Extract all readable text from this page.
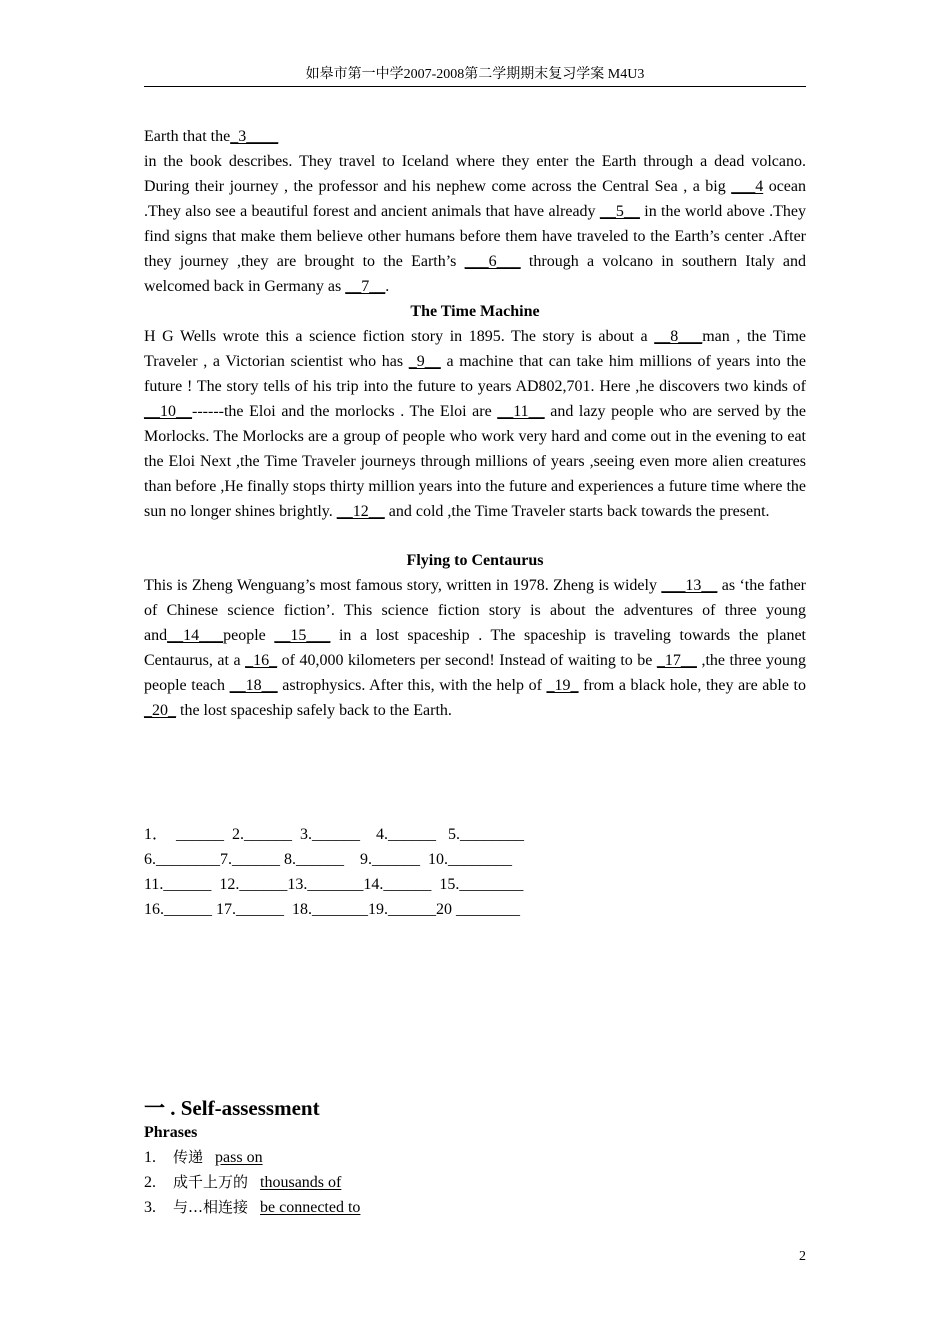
如皋市第一中学2007-2008第二学期期末复习学案 M4U3
Earth that the_3____
in the book describes. They travel to Iceland where they enter the Earth through a dead volcano. During their journey , the professor and his nephew come across the Central Sea , a big ___4 ocean .They also see a beautiful forest and ancient animals that have already __5__ in the world above .They find signs that make them believe other humans before them have traveled to the Earth’s center .After they journey ,they are brought to the Earth’s ___6___ through a volcano in southern Italy and welcomed back in Germany as __7__.
The Time Machine
H G Wells wrote this a science fiction story in 1895. The story is about a __8___man , the Time Traveler , a Victorian scientist who has _9__ a machine that can take him millions of years into the future ! The story tells of his trip into the future to years AD802,701. Here ,he discovers two kinds of __10__------the Eloi and the morlocks . The Eloi are __11__ and lazy people who are served by the Morlocks. The Morlocks are a group of people who work very hard and come out in the evening to eat the Eloi Next ,the Time Traveler journeys through millions of years ,seeing even more alien creatures than before ,He finally stops thirty million years into the future and experiences a future time where the sun no longer shines brightly. __12__ and cold ,the Time Traveler starts back towards the present.
Flying to Centaurus
This is Zheng Wenguang’s most famous story, written in 1978. Zheng is widely ___13__ as ‘the father of Chinese science fiction’. This science fiction story is about the adventures of three young and__14___people __15___ in a lost spaceship . The spaceship is traveling towards the planet Centaurus, at a _16_ of 40,000 kilometers per second! Instead of waiting to be _17__ ,the three young people teach __18__ astrophysics. After this, with the help of _19_ from a black hole, they are able to _20_ the lost spaceship safely back to the Earth.
1．  ______  2.______  3.______    4.______   5.________
6.________7.______ 8.______    9.______  10.________
11.______  12.______13._______14.______  15.________
16.______ 17.______  18._______19.______20 ________
一 . Self-assessment
Phrases
1.	传递 pass on
2.	成千上万的 thousands of
3.	与…相连接 be connected to
2
